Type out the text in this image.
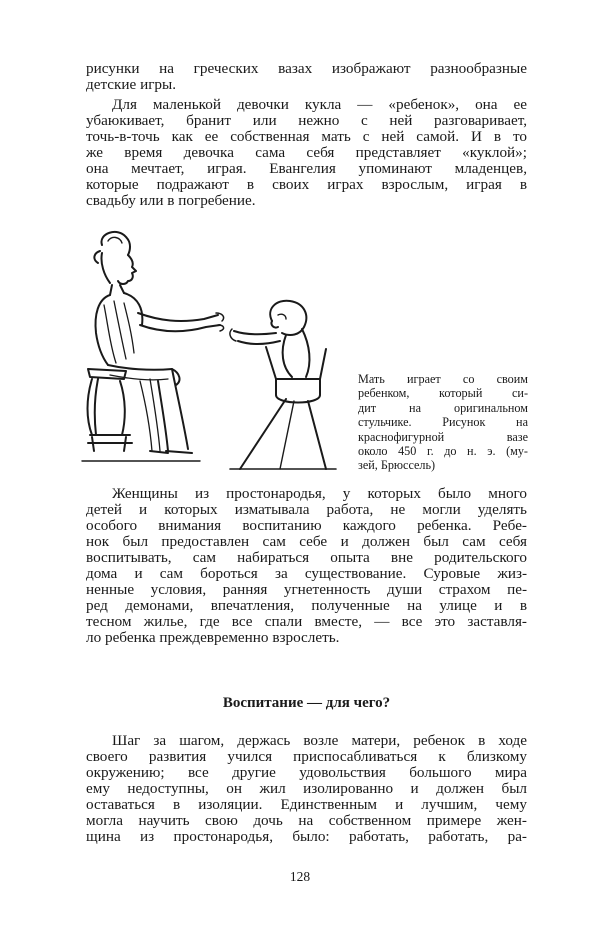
рисунки на греческих вазах изображают разнообразные
детские игры.
Для маленькой девочки кукла — «ребенок», она ее
убаюкивает, бранит или нежно с ней разговаривает,
точь-в-точь как ее собственная мать с ней самой. И в то
же время девочка сама себя представляет «куклой»;
она мечтает, играя. Евангелия упоминают младенцев,
которые подражают в своих играх взрослым, играя в
свадьбу или в погребение.
Мать играет со своим
ребенком, который си-
дит на оригинальном
стульчике. Рисунок на
краснофигурной вазе
около 450 г. до н. э. (му-
зей, Брюссель)
Женщины из простонародья, у которых было много
детей и которых изматывала работа, не могли уделять
особого внимания воспитанию каждого ребенка. Ребе-
нок был предоставлен сам себе и должен был сам себя
воспитывать, сам набираться опыта вне родительского
дома и сам бороться за существование. Суровые жиз-
ненные условия, ранняя угнетенность души страхом пе-
ред демонами, впечатления, полученные на улице и в
тесном жилье, где все спали вместе, — все это заставля-
ло ребенка преждевременно взрослеть.
Воспитание — для чего?
Шаг за шагом, держась возле матери, ребенок в ходе
своего развития учился приспосабливаться к близкому
окружению; все другие удовольствия большого мира
ему недоступны, он жил изолированно и должен был
оставаться в изоляции. Единственным и лучшим, чему
могла научить свою дочь на собственном примере жен-
щина из простонародья, было: работать, работать, ра-
128
